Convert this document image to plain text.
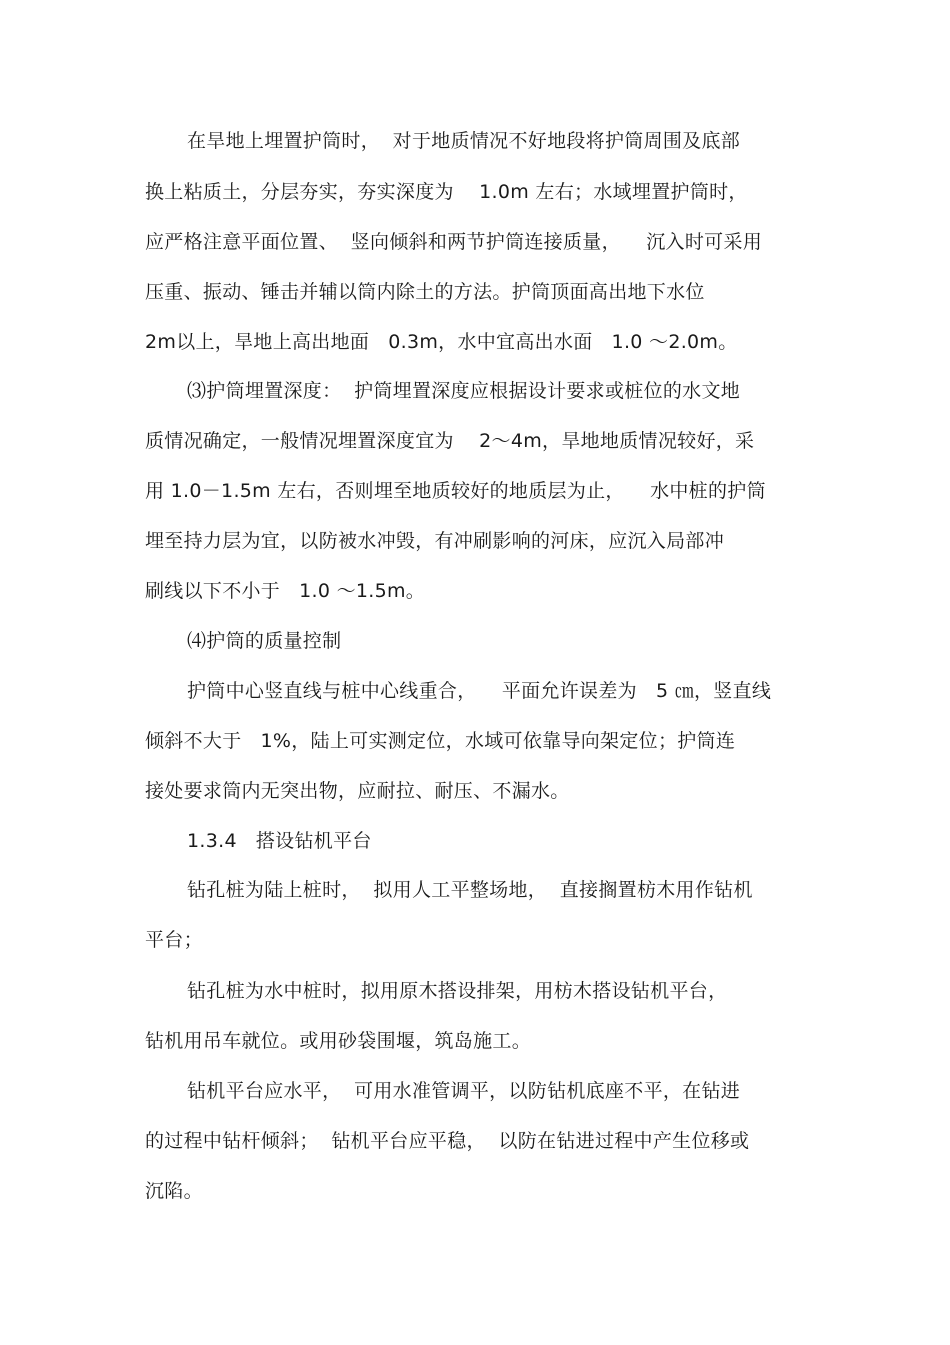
在旱地上埋置护筒时，  对于地质情况不好地段将护筒周围及底部
换上粘质土，分层夯实，夯实深度为    1.0m 左右；水域埋置护筒时，
应严格注意平面位置、  竖向倾斜和两节护筒连接质量，    沉入时可采用
压重、振动、锤击并辅以筒内除土的方法。护筒顶面高出地下水位
2m以上，旱地上高出地面   0.3m，水中宜高出水面   1.0 ～2.0m。
⑶护筒埋置深度：  护筒埋置深度应根据设计要求或桩位的水文地
质情况确定，一般情况埋置深度宜为    2～4m，旱地地质情况较好，采
用 1.0－1.5m 左右，否则埋至地质较好的地质层为止，    水中桩的护筒
埋至持力层为宜，以防被水冲毁，有冲刷影响的河床，应沉入局部冲
刷线以下不小于   1.0 ～1.5m。
⑷护筒的质量控制
护筒中心竖直线与桩中心线重合，    平面允许误差为   5 ㎝，竖直线
倾斜不大于   1%，陆上可实测定位，水域可依靠导向架定位；护筒连
接处要求筒内无突出物，应耐拉、耐压、不漏水。
1.3.4   搭设钻机平台
钻孔桩为陆上桩时，  拟用人工平整场地，  直接搁置枋木用作钻机
平台；
钻孔桩为水中桩时，拟用原木搭设排架，用枋木搭设钻机平台，
钻机用吊车就位。或用砂袋围堰，筑岛施工。
钻机平台应水平，  可用水准管调平，以防钻机底座不平，在钻进
的过程中钻杆倾斜；  钻机平台应平稳，  以防在钻进过程中产生位移或
沉陷。
